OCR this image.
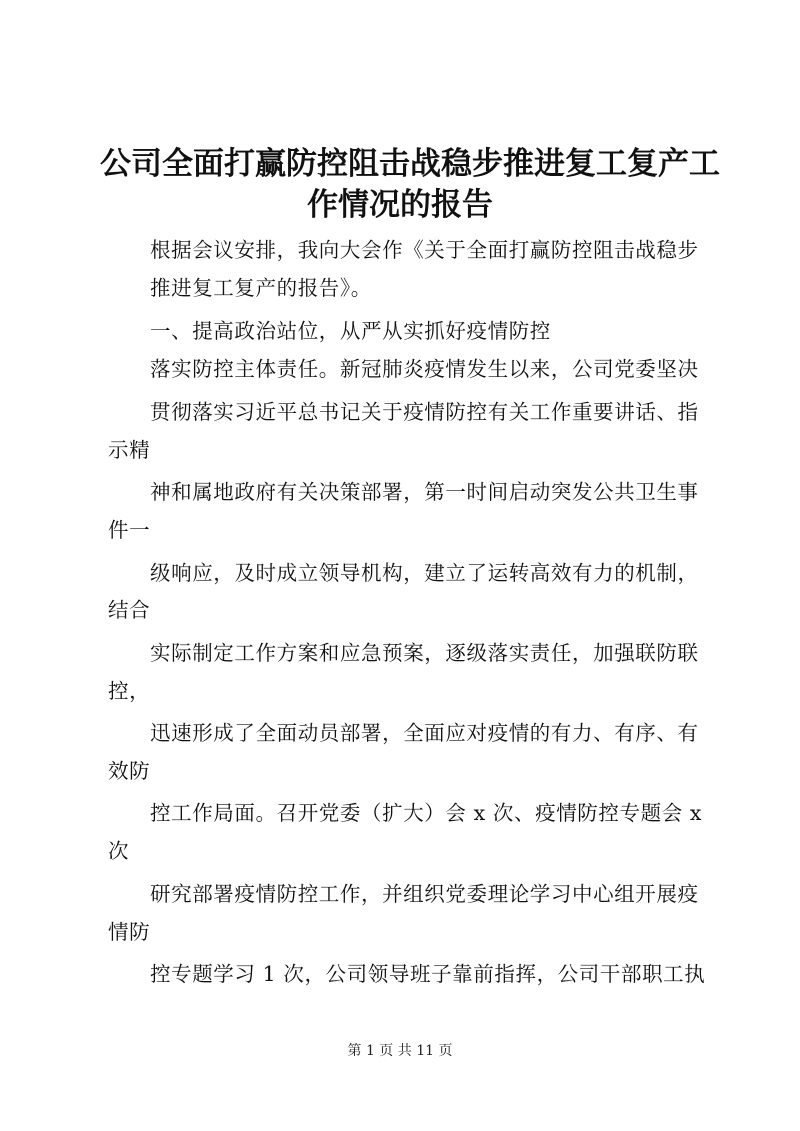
公司全面打赢防控阻击战稳步推进复工复产工
作情况的报告

根据会议安排，我向大会作《关于全面打赢防控阻击战稳步

推进复工复产的报告》。

一、提高政治站位，从严从实抓好疫情防控

落实防控主体责任。新冠肺炎疫情发生以来，公司党委坚决

贯彻落实习近平总书记关于疫情防控有关工作重要讲话、指

示精

神和属地政府有关决策部署，第一时间启动突发公共卫生事

件一

级响应，及时成立领导机构，建立了运转高效有力的机制，

结合

实际制定工作方案和应急预案，逐级落实责任，加强联防联

控，

迅速形成了全面动员部署，全面应对疫情的有力、有序、有

效防

控工作局面。召开党委（扩大）会 x 次、疫情防控专题会 x

次

研究部署疫情防控工作，并组织党委理论学习中心组开展疫

情防

控专题学习 1 次，公司领导班子靠前指挥，公司干部职工执

第 1 页 共 11 页
